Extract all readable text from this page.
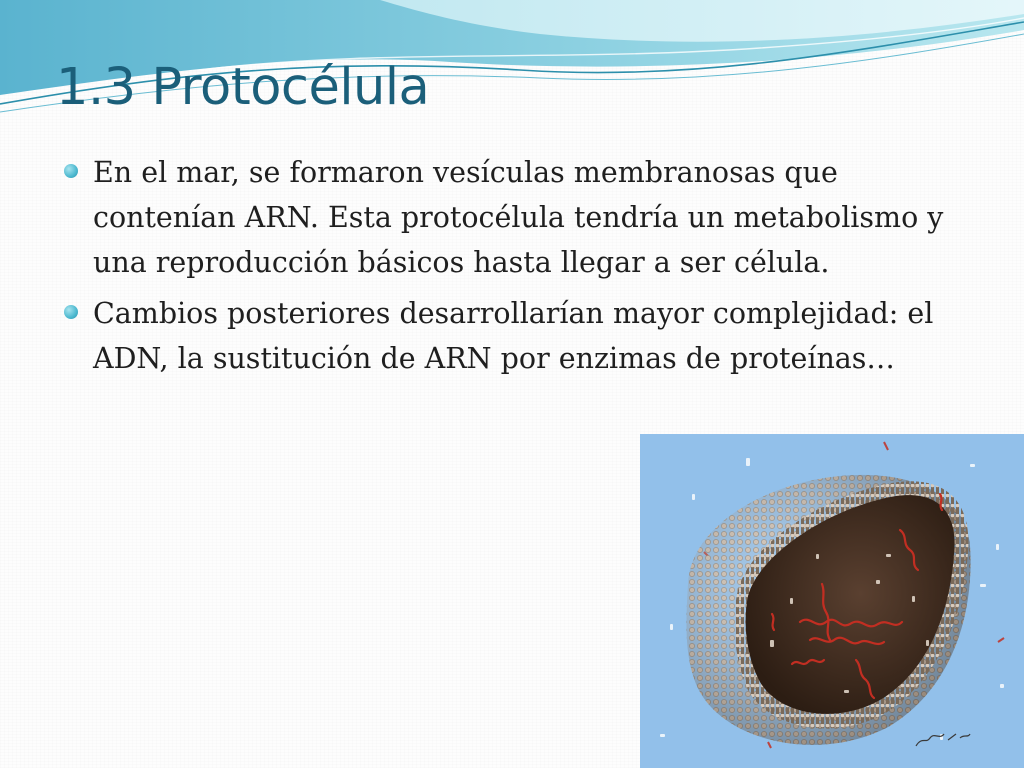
1.3 Protocélula
En el mar, se formaron vesículas membranosas que contenían ARN. Esta protocélula tendría un metabolismo y una reproducción básicos hasta llegar a ser célula.
Cambios posteriores desarrollarían mayor complejidad: el ADN, la sustitución de ARN por enzimas de proteínas…
